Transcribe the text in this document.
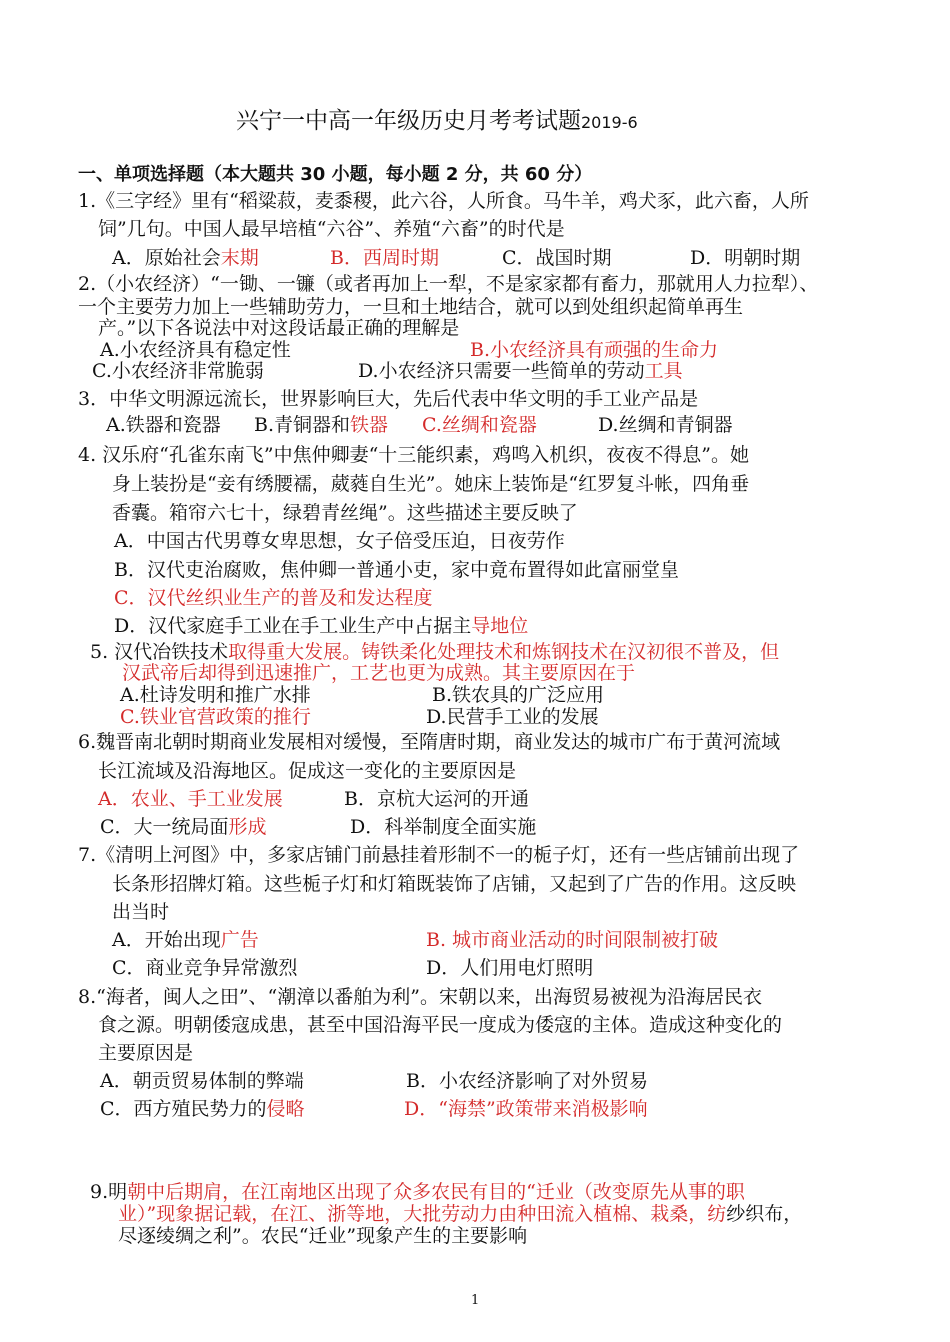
兴宁一中高一年级历史月考考试题2019-6
一、单项选择题（本大题共 30 小题，每小题 2 分，共 60 分）
1.《三字经》里有“稻粱菽，麦黍稷，此六谷，人所食。马牛羊，鸡犬豕，此六畜，人所
饲”几句。中国人最早培植“六谷”、养殖“六畜”的时代是
A．原始社会末期	B．西周时期	C．战国时期	D．明朝时期
2.（小农经济）“一锄、一镰（或者再加上一犁，不是家家都有畜力，那就用人力拉犁）、
一个主要劳力加上一些辅助劳力，一旦和土地结合，就可以到处组织起简单再生
产。”以下各说法中对这段话最正确的理解是
A.小农经济具有稳定性	B.小农经济具有顽强的生命力
C.小农经济非常脆弱	D.小农经济只需要一些简单的劳动工具
3．中华文明源远流长，世界影响巨大，先后代表中华文明的手工业产品是
A.铁器和瓷器 B.青铜器和铁器 C.丝绸和瓷器	D.丝绸和青铜器
4. 汉乐府“孔雀东南飞”中焦仲卿妻“十三能织素，鸡鸣入机织，夜夜不得息”。她
身上装扮是“妾有绣腰襦，葳蕤自生光”。她床上装饰是“红罗复斗帐，四角垂
香囊。箱帘六七十，绿碧青丝绳”。这些描述主要反映了
A．中国古代男尊女卑思想，女子倍受压迫，日夜劳作
B．汉代吏治腐败，焦仲卿一普通小吏，家中竟布置得如此富丽堂皇
C．汉代丝织业生产的普及和发达程度
D．汉代家庭手工业在手工业生产中占据主导地位
5. 汉代冶铁技术取得重大发展。铸铁柔化处理技术和炼钢技术在汉初很不普及，但
汉武帝后却得到迅速推广，工艺也更为成熟。其主要原因在于
A.杜诗发明和推广水排	B.铁农具的广泛应用
C.铁业官营政策的推行	D.民营手工业的发展
6.魏晋南北朝时期商业发展相对缓慢，至隋唐时期，商业发达的城市广布于黄河流域
长江流域及沿海地区。促成这一变化的主要原因是
A．农业、手工业发展	B．京杭大运河的开通
C．大一统局面形成	D．科举制度全面实施
7.《清明上河图》中，多家店铺门前悬挂着形制不一的栀子灯，还有一些店铺前出现了
长条形招牌灯箱。这些栀子灯和灯箱既装饰了店铺，又起到了广告的作用。这反映
出当时
A．开始出现广告	B. 城市商业活动的时间限制被打破
C．商业竞争异常激烈	D．人们用电灯照明
8.“海者，闽人之田”、“潮漳以番舶为利”。宋朝以来，出海贸易被视为沿海居民衣
食之源。明朝倭寇成患，甚至中国沿海平民一度成为倭寇的主体。造成这种变化的
主要原因是
A．朝贡贸易体制的弊端	B．小农经济影响了对外贸易
C．西方殖民势力的侵略	D．“海禁”政策带来消极影响
9.明朝中后期肩，在江南地区出现了众多农民有目的“迁业（改变原先从事的职
业）”现象据记载，在江、浙等地，大批劳动力由种田流入植棉、栽桑，纺纱织布，
尽逐绫绸之利”。农民“迁业”现象产生的主要影响
1
